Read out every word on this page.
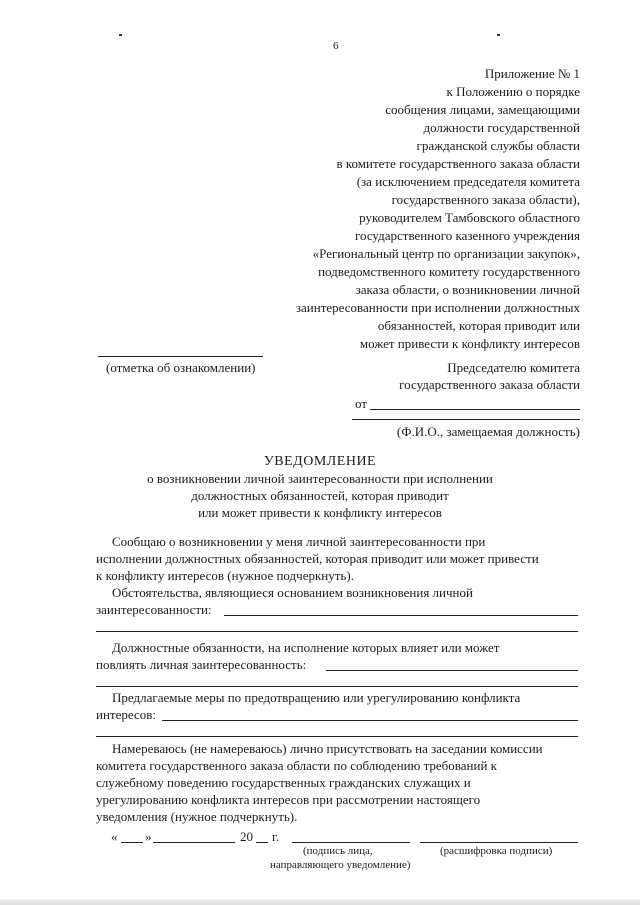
6
Приложение № 1
к Положению о порядке
сообщения лицами, замещающими
должности государственной
гражданской службы области
в комитете государственного заказа области
(за исключением председателя комитета
государственного заказа области),
руководителем Тамбовского областного
государственного казенного учреждения
«Региональный центр по организации закупок»,
подведомственного комитету государственного
заказа области, о возникновении личной
заинтересованности при исполнении должностных
обязанностей, которая приводит или
может привести к конфликту интересов
(отметка об ознакомлении)	Председателю комитета
государственного заказа области
от
(Ф.И.О., замещаемая должность)
УВЕДОМЛЕНИЕ
о возникновении личной заинтересованности при исполнении
должностных обязанностей, которая приводит
или может привести к конфликту интересов
Сообщаю о возникновении у меня личной заинтересованности при
исполнении должностных обязанностей, которая приводит или может привести
к конфликту интересов (нужное подчеркнуть).
Обстоятельства, являющиеся основанием возникновения личной
заинтересованности:
Должностные обязанности, на исполнение которых влияет или может
повлиять личная заинтересованность:
Предлагаемые меры по предотвращению или урегулированию конфликта
интересов:
Намереваюсь (не намереваюсь) лично присутствовать на заседании комиссии
комитета государственного заказа области по соблюдению требований к
служебному поведению государственных гражданских служащих и
урегулированию конфликта интересов при рассмотрении настоящего
уведомления (нужное подчеркнуть).
« »	20 г.
(подпись лица,
направляющего уведомление)
(расшифровка подписи)
